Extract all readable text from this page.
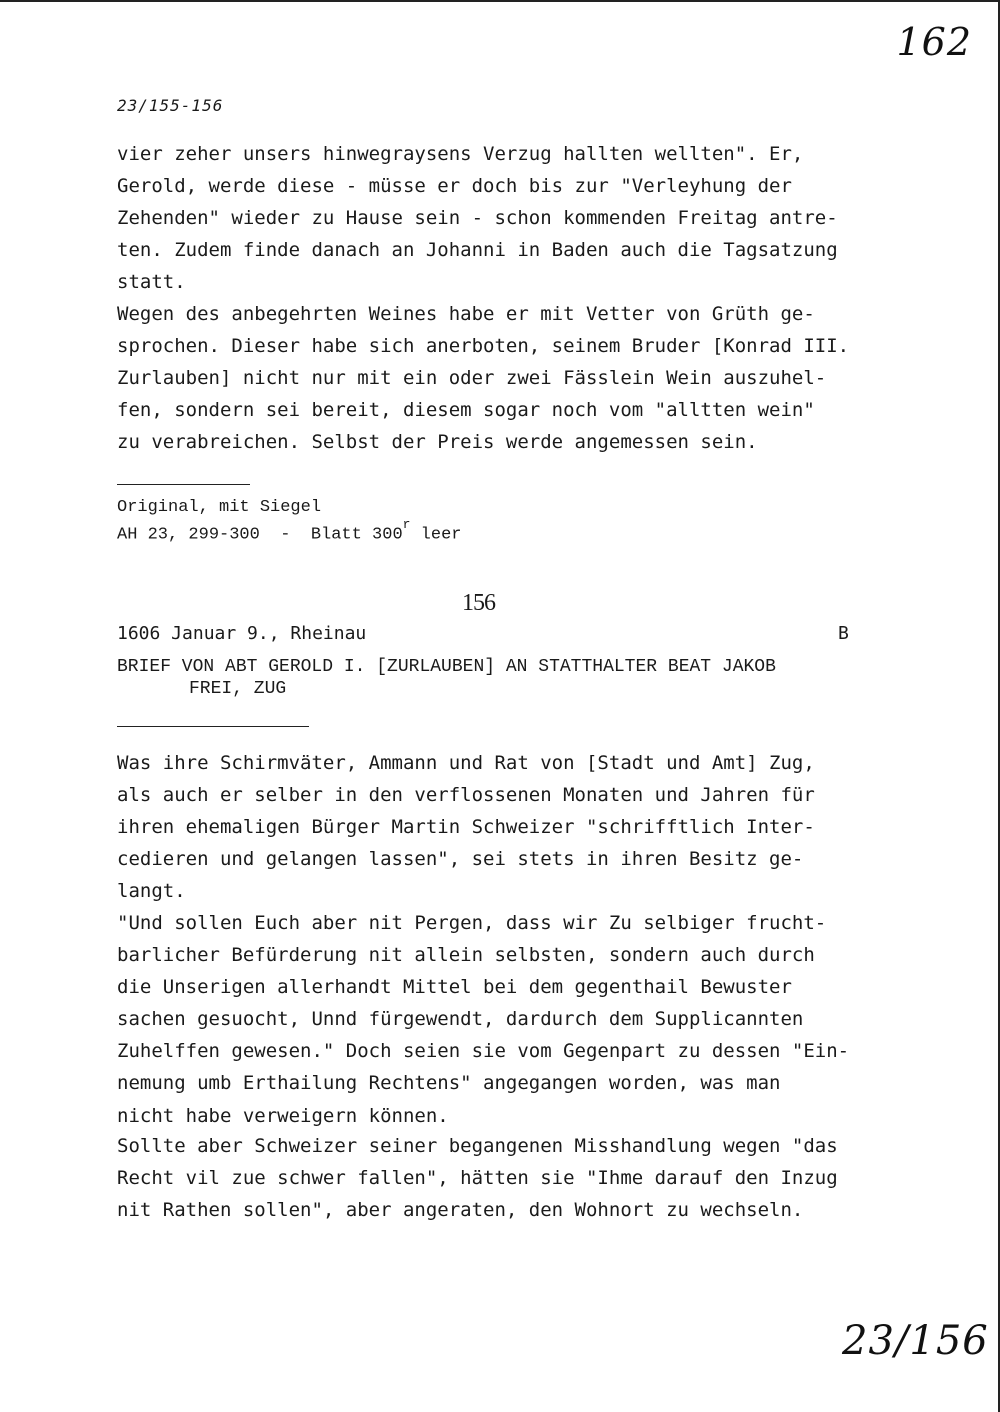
162
23/155-156

vier zeher unsers hinwegraysens Verzug hallten wellten". Er,
Gerold, werde diese - müsse er doch bis zur "Verleyhung der
Zehenden" wieder zu Hause sein - schon kommenden Freitag antre-
ten. Zudem finde danach an Johanni in Baden auch die Tagsatzung
statt.

Wegen des anbegehrten Weines habe er mit Vetter von Grüth ge-
sprochen. Dieser habe sich anerboten, seinem Bruder [Konrad III.
Zurlauben] nicht nur mit ein oder zwei Fässlein Wein auszuhel-
fen, sondern sei bereit, diesem sogar noch vom "alltten wein"
zu verabreichen. Selbst der Preis werde angemessen sein.

Original, mit Siegel
AH 23, 299-300  -  Blatt 300$^r$ leer
156
1606 Januar 9., Rheinau	B
BRIEF VON ABT GEROLD I. [ZURLAUBEN] AN STATTHALTER BEAT JAKOB
FREI, ZUG

Was ihre Schirmväter, Ammann und Rat von [Stadt und Amt] Zug,
als auch er selber in den verflossenen Monaten und Jahren für
ihren ehemaligen Bürger Martin Schweizer "schrifftlich Inter-
cedieren und gelangen lassen", sei stets in ihren Besitz ge-
langt.

"Und sollen Euch aber nit Pergen, dass wir Zu selbiger frucht-
barlicher Befürderung nit allein selbsten, sondern auch durch
die Unserigen allerhandt Mittel bei dem gegenthail Bewuster
sachen gesuocht, Unnd fürgewendt, dardurch dem Supplicannten
Zuhelffen gewesen." Doch seien sie vom Gegenpart zu dessen "Ein-
nemung umb Erthailung Rechtens" angegangen worden, was man
nicht habe verweigern können.

Sollte aber Schweizer seiner begangenen Misshandlung wegen "das
Recht vil zue schwer fallen", hätten sie "Ihme darauf den Inzug
nit Rathen sollen", aber angeraten, den Wohnort zu wechseln.

23/156
